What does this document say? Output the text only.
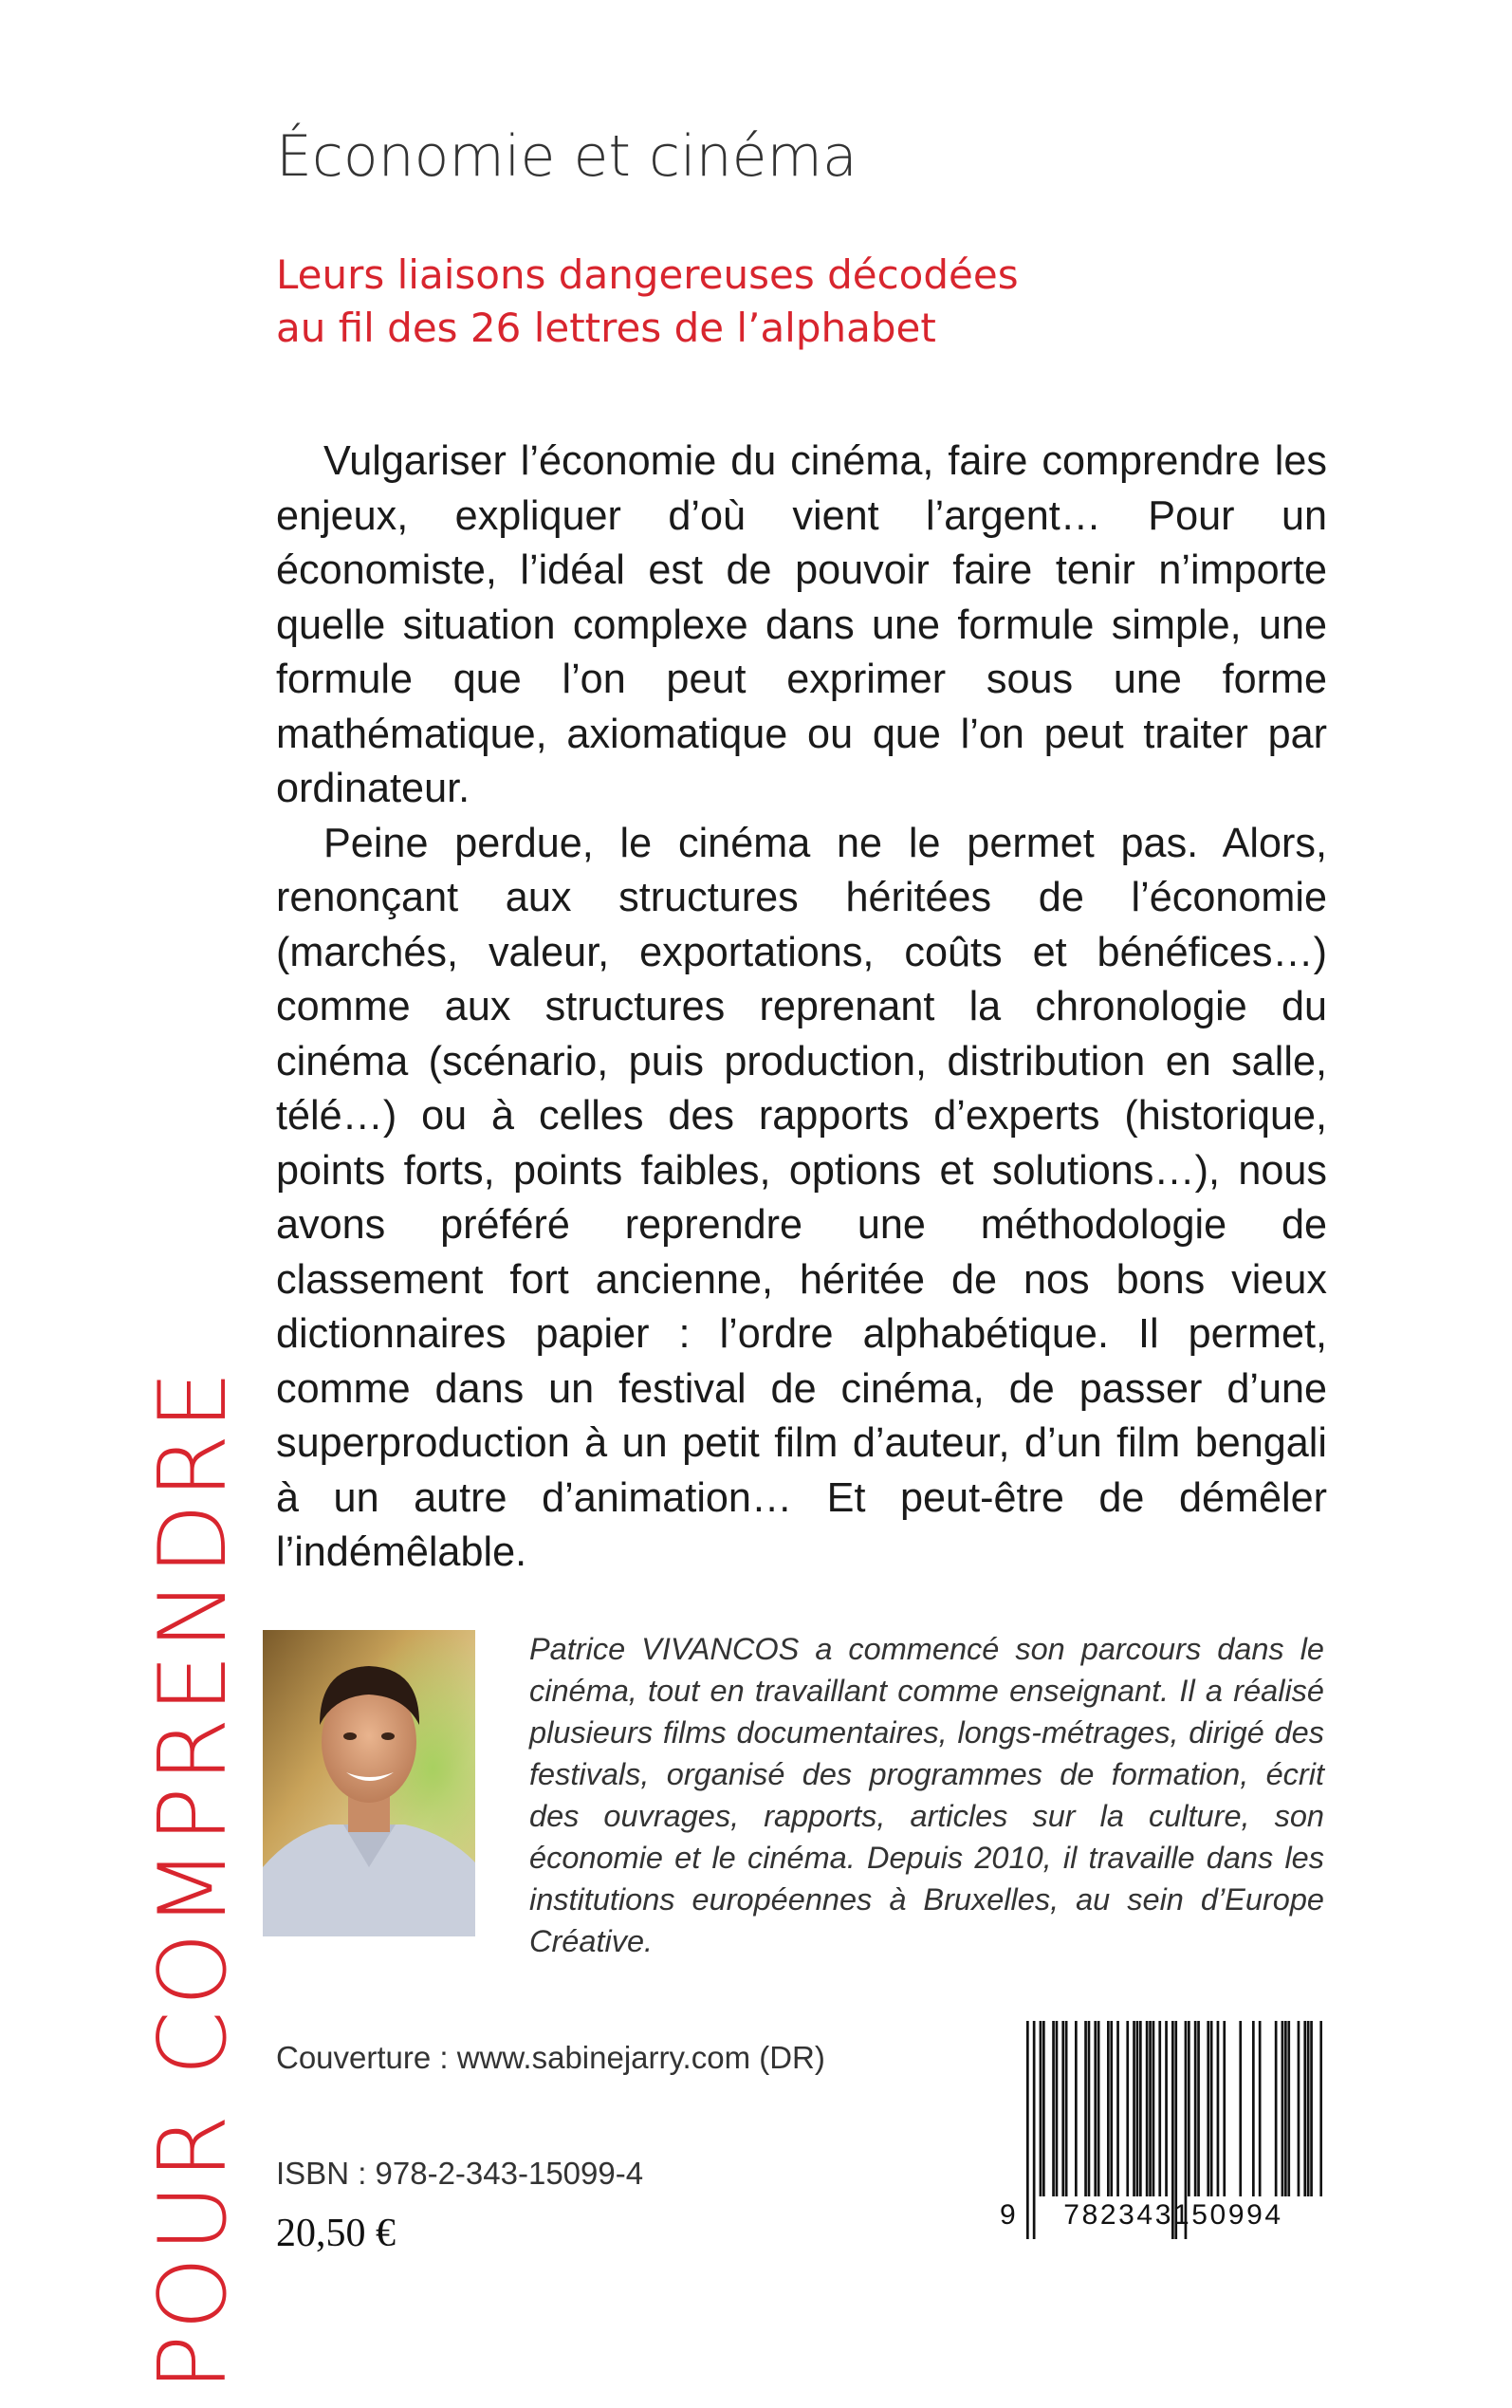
POUR COMPRENDRE
Économie et cinéma
Leurs liaisons dangereuses décodées
au fil des 26 lettres de l’alphabet

Vulgariser l’économie du cinéma, faire comprendre les enjeux, expliquer d’où vient l’argent… Pour un économiste, l’idéal est de pouvoir faire tenir n’importe quelle situation complexe dans une formule simple, une formule que l’on peut exprimer sous une forme mathématique, axiomatique ou que l’on peut traiter par ordinateur.

Peine perdue, le cinéma ne le permet pas. Alors, renonçant aux structures héritées de l’économie (marchés, valeur, exportations, coûts et bénéfices…) comme aux structures reprenant la chronologie du cinéma (scénario, puis production, distribution en salle, télé…) ou à celles des rapports d’experts (historique, points forts, points faibles, options et solutions…), nous avons préféré reprendre une méthodologie de classement fort ancienne, héritée de nos bons vieux dictionnaires papier : l’ordre alphabétique. Il permet, comme dans un festival de cinéma, de passer d’une superproduction à un petit film d’auteur, d’un film bengali à un autre d’animation… Et peut-être de démêler l’indémêlable.

Patrice VIVANCOS a commencé son parcours dans le cinéma, tout en travaillant comme enseignant. Il a réalisé plusieurs films documentaires, longs-métrages, dirigé des festivals, organisé des programmes de formation, écrit des ouvrages, rapports, articles sur la culture, son économie et le cinéma. Depuis 2010, il travaille dans les institutions européennes à Bruxelles, au sein d’Europe Créative.
Couverture : www.sabinejarry.com (DR)
ISBN : 978-2-343-15099-4
20,50 €	9	782343150994
